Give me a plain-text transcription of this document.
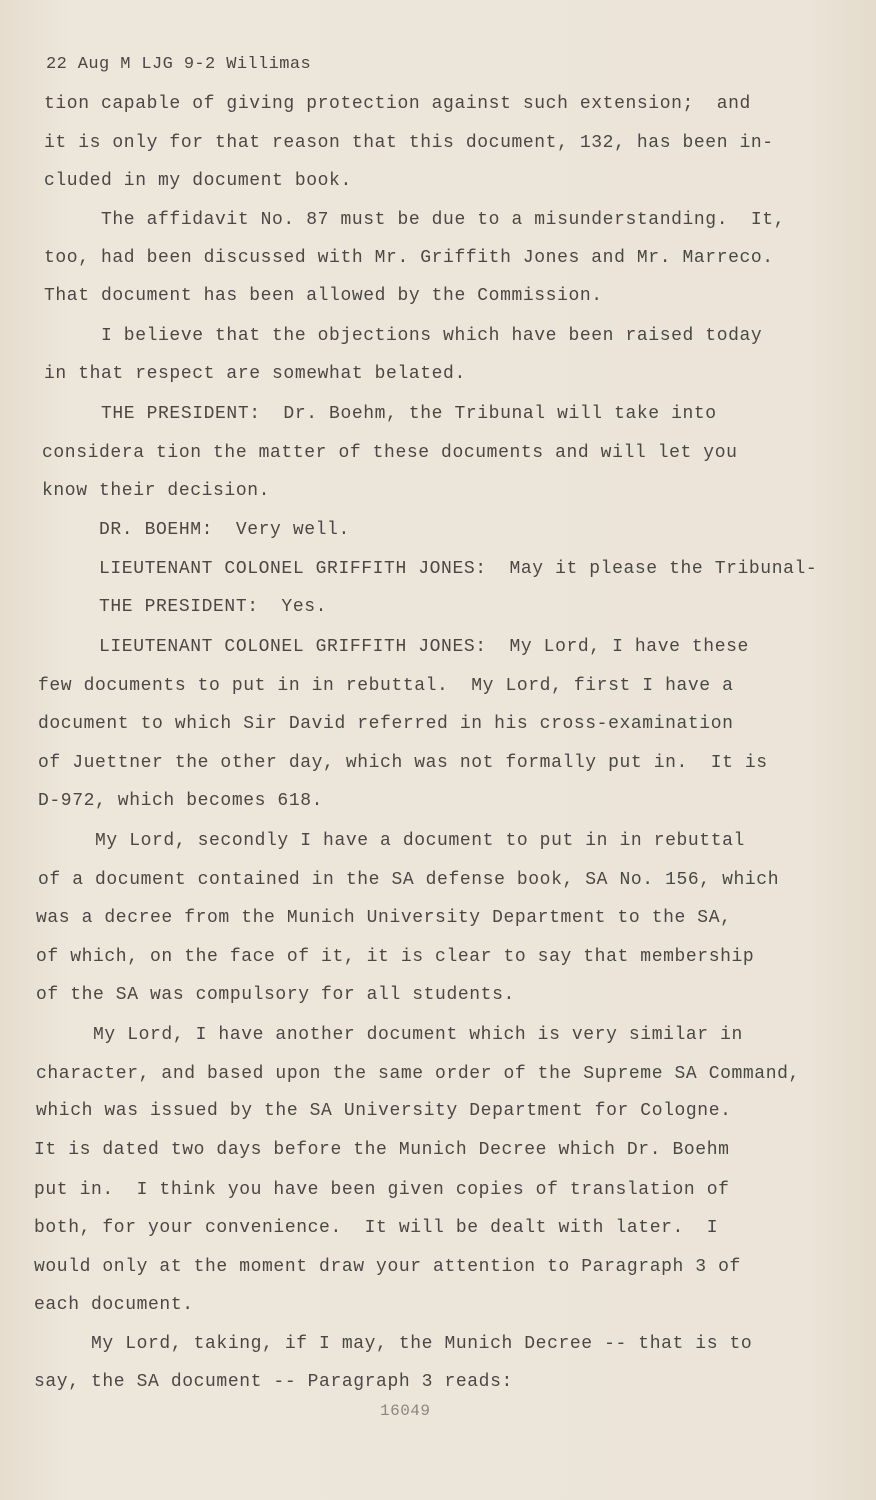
22 Aug M LJG 9-2 Willimas
tion capable of giving protection against such extension;  and
it is only for that reason that this document, 132, has been in-
cluded in my document book.
The affidavit No. 87 must be due to a misunderstanding.  It,
too, had been discussed with Mr. Griffith Jones and Mr. Marreco.
That document has been allowed by the Commission.
I believe that the objections which have been raised today
in that respect are somewhat belated.
THE PRESIDENT:  Dr. Boehm, the Tribunal will take into
considera tion the matter of these documents and will let you
know their decision.
DR. BOEHM:  Very well.
LIEUTENANT COLONEL GRIFFITH JONES:  May it please the Tribunal-
THE PRESIDENT:  Yes.
LIEUTENANT COLONEL GRIFFITH JONES:  My Lord, I have these
few documents to put in in rebuttal.  My Lord, first I have a
document to which Sir David referred in his cross-examination
of Juettner the other day, which was not formally put in.  It is
D-972, which becomes 618.
My Lord, secondly I have a document to put in in rebuttal
of a document contained in the SA defense book, SA No. 156, which
was a decree from the Munich University Department to the SA,
of which, on the face of it, it is clear to say that membership
of the SA was compulsory for all students.
My Lord, I have another document which is very similar in
character, and based upon the same order of the Supreme SA Command,
which was issued by the SA University Department for Cologne.
It is dated two days before the Munich Decree which Dr. Boehm
put in.  I think you have been given copies of translation of
both, for your convenience.  It will be dealt with later.  I
would only at the moment draw your attention to Paragraph 3 of
each document.
My Lord, taking, if I may, the Munich Decree -- that is to
say, the SA document -- Paragraph 3 reads:
16049
